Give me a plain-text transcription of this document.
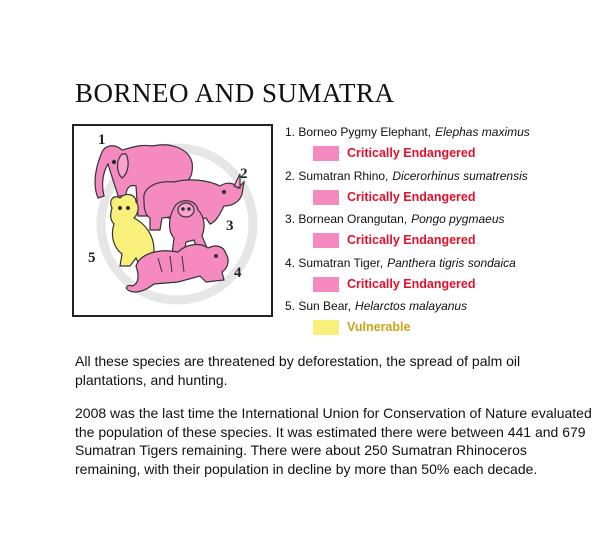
BORNEO AND SUMATRA
1
2
3
4
5
1. Borneo Pygmy Elephant, Elephas maximus
Critically Endangered
2. Sumatran Rhino, Dicerorhinus sumatrensis
Critically Endangered
3. Bornean Orangutan, Pongo pygmaeus
Critically Endangered
4. Sumatran Tiger, Panthera tigris sondaica
Critically Endangered
5. Sun Bear, Helarctos malayanus
Vulnerable
All these species are threatened by deforestation, the spread of palm oil plantations, and hunting.
2008 was the last time the International Union for Conservation of Nature evaluated the population of these species. It was estimated there were between 441 and 679 Sumatran Tigers remaining. There were about 250 Sumatran Rhinoceros remaining, with their population in decline by more than 50% each decade.
